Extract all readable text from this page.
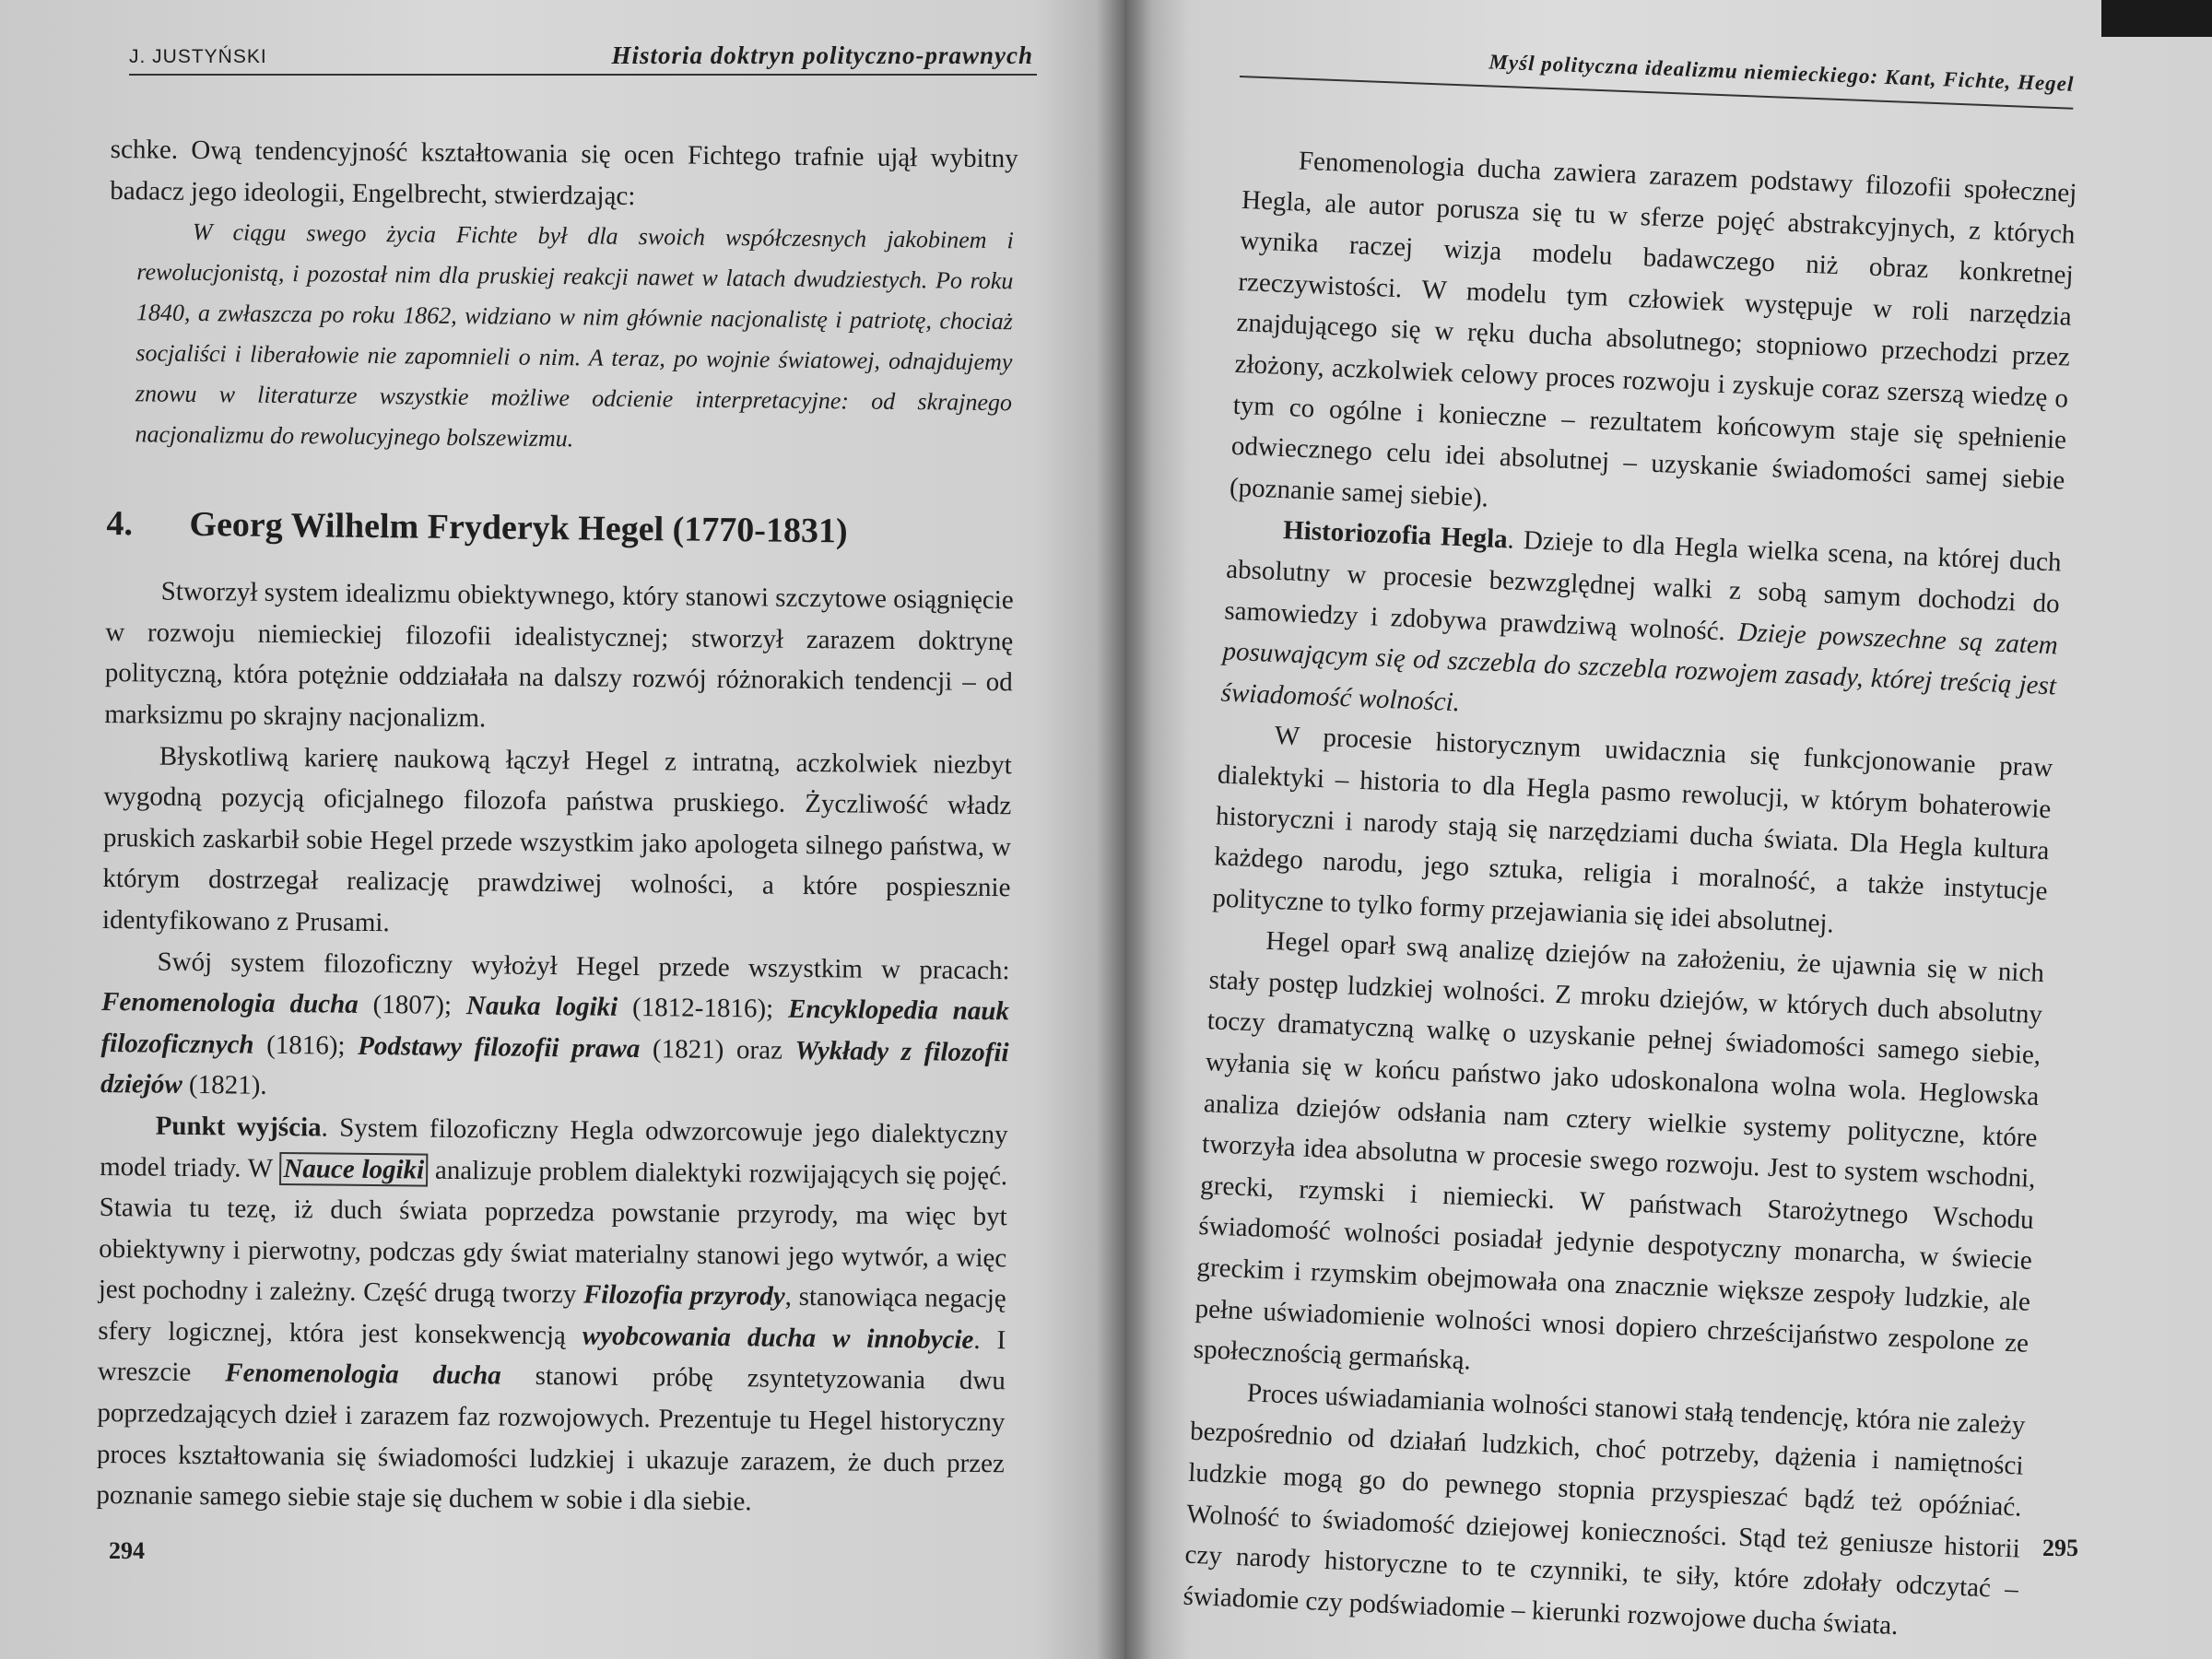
J. JUSTYŃSKI	Historia doktryn polityczno-prawnych

schke. Ową tendencyjność kształtowania się ocen Fichtego trafnie ujął wybitny badacz jego ideologii, Engelbrecht, stwierdzając:

W ciągu swego życia Fichte był dla swoich współczesnych jakobinem i rewolucjonistą, i pozostał nim dla pruskiej reakcji nawet w latach dwudziestych. Po roku 1840, a zwłaszcza po roku 1862, widziano w nim głównie nacjonalistę i patriotę, chociaż socjaliści i liberałowie nie zapomnieli o nim. A teraz, po wojnie światowej, odnajdujemy znowu w literaturze wszystkie możliwe odcienie interpretacyjne: od skrajnego nacjonalizmu do rewolucyjnego bolszewizmu.

4. Georg Wilhelm Fryderyk Hegel (1770-1831)

Stworzył system idealizmu obiektywnego, który stanowi szczytowe osiągnięcie w rozwoju niemieckiej filozofii idealistycznej; stworzył zarazem doktrynę polityczną, która potężnie oddziałała na dalszy rozwój różnorakich tendencji – od marksizmu po skrajny nacjonalizm.

Błyskotliwą karierę naukową łączył Hegel z intratną, aczkolwiek niezbyt wygodną pozycją oficjalnego filozofa państwa pruskiego. Życzliwość władz pruskich zaskarbił sobie Hegel przede wszystkim jako apologeta silnego państwa, w którym dostrzegał realizację prawdziwej wolności, a które pospiesznie identyfikowano z Prusami.

Swój system filozoficzny wyłożył Hegel przede wszystkim w pracach: Fenomenologia ducha (1807); Nauka logiki (1812-1816); Encyklopedia nauk filozoficznych (1816); Podstawy filozofii prawa (1821) oraz Wykłady z filozofii dziejów (1821).

Punkt wyjścia. System filozoficzny Hegla odwzorcowuje jego dialektyczny model triady. W Nauce logiki analizuje problem dialektyki rozwijających się pojęć. Stawia tu tezę, iż duch świata poprzedza powstanie przyrody, ma więc byt obiektywny i pierwotny, podczas gdy świat materialny stanowi jego wytwór, a więc jest pochodny i zależny. Część drugą tworzy Filozofia przyrody, stanowiąca negację sfery logicznej, która jest konsekwencją wyobcowania ducha w innobycie. I wreszcie Fenomenologia ducha stanowi próbę zsyntetyzowania dwu poprzedzających dzieł i zarazem faz rozwojowych. Prezentuje tu Hegel historyczny proces kształtowania się świadomości ludzkiej i ukazuje zarazem, że duch przez poznanie samego siebie staje się duchem w sobie i dla siebie.

294
Myśl polityczna idealizmu niemieckiego: Kant, Fichte, Hegel

Fenomenologia ducha zawiera zarazem podstawy filozofii społecznej Hegla, ale autor porusza się tu w sferze pojęć abstrakcyjnych, z których wynika raczej wizja modelu badawczego niż obraz konkretnej rzeczywistości. W modelu tym człowiek występuje w roli narzędzia znajdującego się w ręku ducha absolutnego; stopniowo przechodzi przez złożony, aczkolwiek celowy proces rozwoju i zyskuje coraz szerszą wiedzę o tym co ogólne i konieczne – rezultatem końcowym staje się spełnienie odwiecznego celu idei absolutnej – uzyskanie świadomości samej siebie (poznanie samej siebie).

Historiozofia Hegla. Dzieje to dla Hegla wielka scena, na której duch absolutny w procesie bezwzględnej walki z sobą samym dochodzi do samowiedzy i zdobywa prawdziwą wolność. Dzieje powszechne są zatem posuwającym się od szczebla do szczebla rozwojem zasady, której treścią jest świadomość wolności.

W procesie historycznym uwidacznia się funkcjonowanie praw dialektyki – historia to dla Hegla pasmo rewolucji, w którym bohaterowie historyczni i narody stają się narzędziami ducha świata. Dla Hegla kultura każdego narodu, jego sztuka, religia i moralność, a także instytucje polityczne to tylko formy przejawiania się idei absolutnej.

Hegel oparł swą analizę dziejów na założeniu, że ujawnia się w nich stały postęp ludzkiej wolności. Z mroku dziejów, w których duch absolutny toczy dramatyczną walkę o uzyskanie pełnej świadomości samego siebie, wyłania się w końcu państwo jako udoskonalona wolna wola. Heglowska analiza dziejów odsłania nam cztery wielkie systemy polityczne, które tworzyła idea absolutna w procesie swego rozwoju. Jest to system wschodni, grecki, rzymski i niemiecki. W państwach Starożytnego Wschodu świadomość wolności posiadał jedynie despotyczny monarcha, w świecie greckim i rzymskim obejmowała ona znacznie większe zespoły ludzkie, ale pełne uświadomienie wolności wnosi dopiero chrześcijaństwo zespolone ze społecznością germańską.

Proces uświadamiania wolności stanowi stałą tendencję, która nie zależy bezpośrednio od działań ludzkich, choć potrzeby, dążenia i namiętności ludzkie mogą go do pewnego stopnia przyspieszać bądź też opóźniać. Wolność to świadomość dziejowej konieczności. Stąd też geniusze historii czy narody historyczne to te czynniki, te siły, które zdołały odczytać – świadomie czy podświadomie – kierunki rozwojowe ducha świata.

295
